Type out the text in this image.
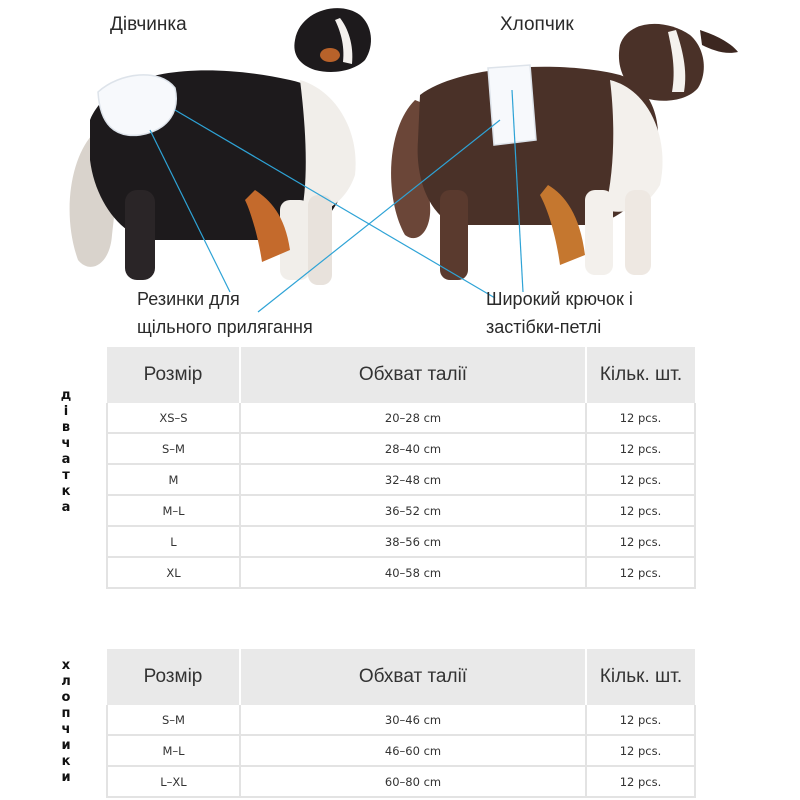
Дівчинка	Хлопчик
Резинки для
щільного прилягання
Широкий крючок і
застібки-петлі
д
і
в
ч
а
т
к
а
х
л
о
п
ч
и
к
и
Розмір	Обхват талії	Кільк. шт.
XS–S	20–28 cm	12 pcs.
S–M	28–40 cm	12 pcs.
M	32–48 cm	12 pcs.
M–L	36–52 cm	12 pcs.
L	38–56 cm	12 pcs.
XL	40–58 cm	12 pcs.
Розмір	Обхват талії	Кільк. шт.
S–M	30–46 cm	12 pcs.
M–L	46–60 cm	12 pcs.
L–XL	60–80 cm	12 pcs.
